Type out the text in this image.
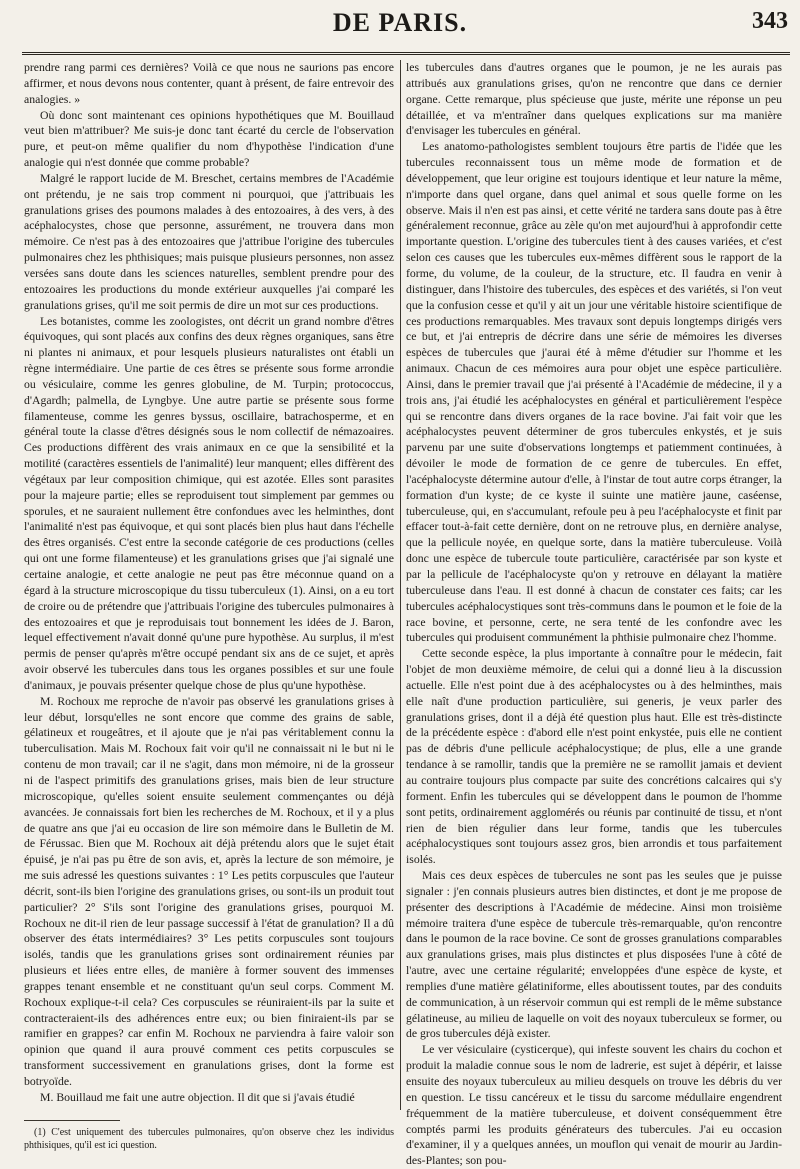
DE PARIS.	343

prendre rang parmi ces dernières? Voilà ce que nous ne saurions pas encore affirmer, et nous devons nous contenter, quant à présent, de faire entrevoir des analogies. »

Où donc sont maintenant ces opinions hypothétiques que M. Bouillaud veut bien m'attribuer? Me suis-je donc tant écarté du cercle de l'observation pure, et peut-on même qualifier du nom d'hypothèse l'indication d'une analogie qui n'est donnée que comme probable?

Malgré le rapport lucide de M. Breschet, certains membres de l'Académie ont prétendu, je ne sais trop comment ni pourquoi, que j'attribuais les granulations grises des poumons malades à des entozoaires, à des vers, à des acéphalocystes, chose que personne, assurément, ne trouvera dans mon mémoire. Ce n'est pas à des entozoaires que j'attribue l'origine des tubercules pulmonaires chez les phthisiques; mais puisque plusieurs personnes, non assez versées sans doute dans les sciences naturelles, semblent prendre pour des entozoaires les productions du monde extérieur auxquelles j'ai comparé les granulations grises, qu'il me soit permis de dire un mot sur ces productions.

Les botanistes, comme les zoologistes, ont décrit un grand nombre d'êtres équivoques, qui sont placés aux confins des deux règnes organiques, sans être ni plantes ni animaux, et pour lesquels plusieurs naturalistes ont établi un règne intermédiaire. Une partie de ces êtres se présente sous forme arrondie ou vésiculaire, comme les genres globuline, de M. Turpin; protococcus, d'Agardh; palmella, de Lyngbye. Une autre partie se présente sous forme filamenteuse, comme les genres byssus, oscillaire, batrachosperme, et en général toute la classe d'êtres désignés sous le nom collectif de némazoaires. Ces productions diffèrent des vrais animaux en ce que la sensibilité et la motilité (caractères essentiels de l'animalité) leur manquent; elles diffèrent des végétaux par leur composition chimique, qui est azotée. Elles sont parasites pour la majeure partie; elles se reproduisent tout simplement par gemmes ou sporules, et ne sauraient nullement être confondues avec les helminthes, dont l'animalité n'est pas équivoque, et qui sont placés bien plus haut dans l'échelle des êtres organisés. C'est entre la seconde catégorie de ces productions (celles qui ont une forme filamenteuse) et les granulations grises que j'ai signalé une certaine analogie, et cette analogie ne peut pas être méconnue quand on a égard à la structure microscopique du tissu tuberculeux (1). Ainsi, on a eu tort de croire ou de prétendre que j'attribuais l'origine des tubercules pulmonaires à des entozoaires et que je reproduisais tout bonnement les idées de J. Baron, lequel effectivement n'avait donné qu'une pure hypothèse. Au surplus, il m'est permis de penser qu'après m'être occupé pendant six ans de ce sujet, et après avoir observé les tubercules dans tous les organes possibles et sur une foule d'animaux, je pouvais présenter quelque chose de plus qu'une hypothèse.

M. Rochoux me reproche de n'avoir pas observé les granulations grises à leur début, lorsqu'elles ne sont encore que comme des grains de sable, gélatineux et rougeâtres, et il ajoute que je n'ai pas véritablement connu la tuberculisation. Mais M. Rochoux fait voir qu'il ne connaissait ni le but ni le contenu de mon travail; car il ne s'agit, dans mon mémoire, ni de la grosseur ni de l'aspect primitifs des granulations grises, mais bien de leur structure microscopique, qu'elles soient ensuite seulement commençantes ou déjà avancées. Je connaissais fort bien les recherches de M. Rochoux, et il y a plus de quatre ans que j'ai eu occasion de lire son mémoire dans le Bulletin de M. de Férussac. Bien que M. Rochoux ait déjà prétendu alors que le sujet était épuisé, je n'ai pas pu être de son avis, et, après la lecture de son mémoire, je me suis adressé les questions suivantes : 1° Les petits corpuscules que l'auteur décrit, sont-ils bien l'origine des granulations grises, ou sont-ils un produit tout particulier? 2° S'ils sont l'origine des granulations grises, pourquoi M. Rochoux ne dit-il rien de leur passage successif à l'état de granulation? Il a dû observer des états intermédiaires? 3° Les petits corpuscules sont toujours isolés, tandis que les granulations grises sont ordinairement réunies par plusieurs et liées entre elles, de manière à former souvent des immenses grappes tenant ensemble et ne constituant qu'un seul corps. Comment M. Rochoux explique-t-il cela? Ces corpuscules se réuniraient-ils par la suite et contracteraient-ils des adhérences entre eux; ou bien finiraient-ils par se ramifier en grappes? car enfin M. Rochoux ne parviendra à faire valoir son opinion que quand il aura prouvé comment ces petits corpuscules se transforment successivement en granulations grises, dont la forme est botryoïde.

M. Bouillaud me fait une autre objection. Il dit que si j'avais étudié

(1) C'est uniquement des tubercules pulmonaires, qu'on observe chez les individus phthisiques, qu'il est ici question.

les tubercules dans d'autres organes que le poumon, je ne les aurais pas attribués aux granulations grises, qu'on ne rencontre que dans ce dernier organe. Cette remarque, plus spécieuse que juste, mérite une réponse un peu détaillée, et va m'entraîner dans quelques explications sur ma manière d'envisager les tubercules en général.

Les anatomo-pathologistes semblent toujours être partis de l'idée que les tubercules reconnaissent tous un même mode de formation et de développement, que leur origine est toujours identique et leur nature la même, n'importe dans quel organe, dans quel animal et sous quelle forme on les observe. Mais il n'en est pas ainsi, et cette vérité ne tardera sans doute pas à être généralement reconnue, grâce au zèle qu'on met aujourd'hui à approfondir cette importante question. L'origine des tubercules tient à des causes variées, et c'est selon ces causes que les tubercules eux-mêmes diffèrent sous le rapport de la forme, du volume, de la couleur, de la structure, etc. Il faudra en venir à distinguer, dans l'histoire des tubercules, des espèces et des variétés, si l'on veut que la confusion cesse et qu'il y ait un jour une véritable histoire scientifique de ces productions remarquables. Mes travaux sont depuis longtemps dirigés vers ce but, et j'ai entrepris de décrire dans une série de mémoires les diverses espèces de tubercules que j'aurai été à même d'étudier sur l'homme et les animaux. Chacun de ces mémoires aura pour objet une espèce particulière. Ainsi, dans le premier travail que j'ai présenté à l'Académie de médecine, il y a trois ans, j'ai étudié les acéphalocystes en général et particulièrement l'espèce qui se rencontre dans divers organes de la race bovine. J'ai fait voir que les acéphalocystes peuvent déterminer de gros tubercules enkystés, et je suis parvenu par une suite d'observations longtemps et patiemment continuées, à dévoiler le mode de formation de ce genre de tubercules. En effet, l'acéphalocyste détermine autour d'elle, à l'instar de tout autre corps étranger, la formation d'un kyste; de ce kyste il suinte une matière jaune, caséense, tuberculeuse, qui, en s'accumulant, refoule peu à peu l'acéphalocyste et finit par effacer tout-à-fait cette dernière, dont on ne retrouve plus, en dernière analyse, que la pellicule noyée, en quelque sorte, dans la matière tuberculeuse. Voilà donc une espèce de tubercule toute particulière, caractérisée par son kyste et par la pellicule de l'acéphalocyste qu'on y retrouve en délayant la matière tuberculeuse dans l'eau. Il est donné à chacun de constater ces faits; car les tubercules acéphalocystiques sont très-communs dans le poumon et le foie de la race bovine, et personne, certe, ne sera tenté de les confondre avec les tubercules qui produisent communément la phthisie pulmonaire chez l'homme.

Cette seconde espèce, la plus importante à connaître pour le médecin, fait l'objet de mon deuxième mémoire, de celui qui a donné lieu à la discussion actuelle. Elle n'est point due à des acéphalocystes ou à des helminthes, mais elle naît d'une production particulière, sui generis, je veux parler des granulations grises, dont il a déjà été question plus haut. Elle est très-distincte de la précédente espèce : d'abord elle n'est point enkystée, puis elle ne contient pas de débris d'une pellicule acéphalocystique; de plus, elle a une grande tendance à se ramollir, tandis que la première ne se ramollit jamais et devient au contraire toujours plus compacte par suite des concrétions calcaires qui s'y forment. Enfin les tubercules qui se développent dans le poumon de l'homme sont petits, ordinairement agglomérés ou réunis par continuité de tissu, et n'ont rien de bien régulier dans leur forme, tandis que les tubercules acéphalocystiques sont toujours assez gros, bien arrondis et tous parfaitement isolés.

Mais ces deux espèces de tubercules ne sont pas les seules que je puisse signaler : j'en connais plusieurs autres bien distinctes, et dont je me propose de présenter des descriptions à l'Académie de médecine. Ainsi mon troisième mémoire traitera d'une espèce de tubercule très-remarquable, qu'on rencontre dans le poumon de la race bovine. Ce sont de grosses granulations comparables aux granulations grises, mais plus distinctes et plus disposées l'une à côté de l'autre, avec une certaine régularité; enveloppées d'une espèce de kyste, et remplies d'une matière gélatiniforme, elles aboutissent toutes, par des conduits de communication, à un réservoir commun qui est rempli de le même substance gélatineuse, au milieu de laquelle on voit des noyaux tuberculeux se former, ou de gros tubercules déjà exister.

Le ver vésiculaire (cysticerque), qui infeste souvent les chairs du cochon et produit la maladie connue sous le nom de ladrerie, est sujet à dépérir, et laisse ensuite des noyaux tuberculeux au milieu desquels on trouve les débris du ver en question. Le tissu cancéreux et le tissu du sarcome médullaire engendrent fréquemment de la matière tuberculeuse, et doivent conséquemment être comptés parmi les produits générateurs des tubercules. J'ai eu occasion d'examiner, il y a quelques années, un mouflon qui venait de mourir au Jardin-des-Plantes; son pou-
